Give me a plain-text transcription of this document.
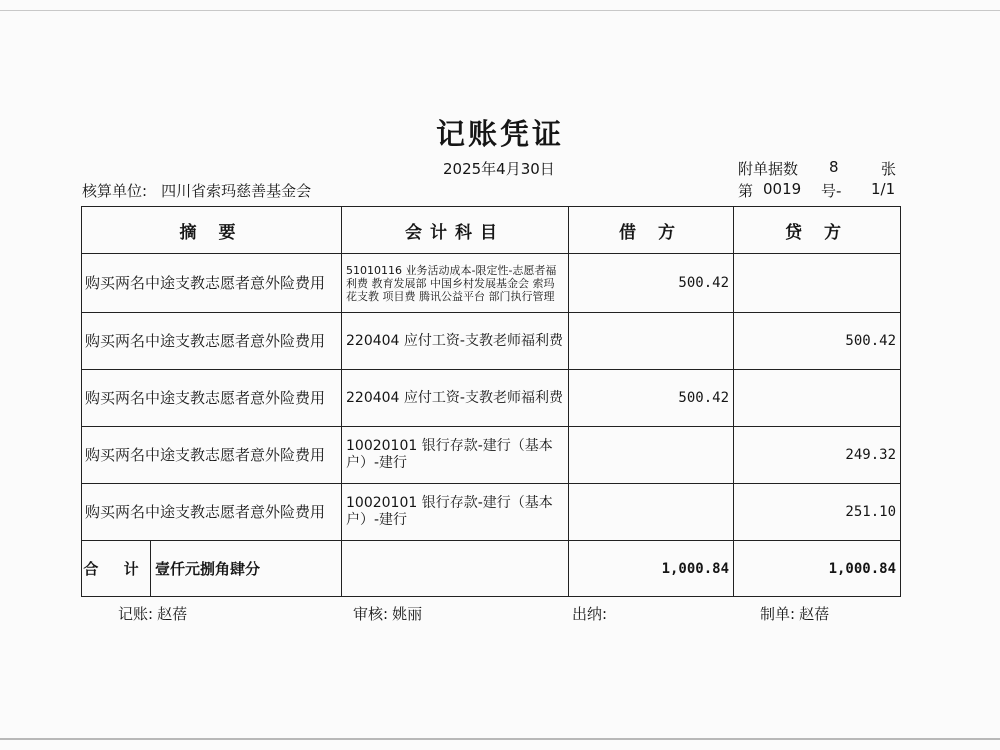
记账凭证
2025年4月30日	附单据数 8	张
核算单位: 四川省索玛慈善基金会	第 0019 号- 1/1
摘 要	会计科目	借 方	贷 方
购买两名中途支教志愿者意外险费用	51010116 业务活动成本-限定性-志愿者福利费 教育发展部 中国乡村发展基金会 索玛花支教 项目费 腾讯公益平台 部门执行管理	500.42	
购买两名中途支教志愿者意外险费用	220404 应付工资-支教老师福利费		500.42
购买两名中途支教志愿者意外险费用	220404 应付工资-支教老师福利费	500.42	
购买两名中途支教志愿者意外险费用	10020101 银行存款-建行（基本户）-建行		249.32
购买两名中途支教志愿者意外险费用	10020101 银行存款-建行（基本户）-建行		251.10

合 计 壹仟元捌角肆分		1,000.84	1,000.84
记账: 赵蓓	审核: 姚丽	出纳:	制单: 赵蓓
